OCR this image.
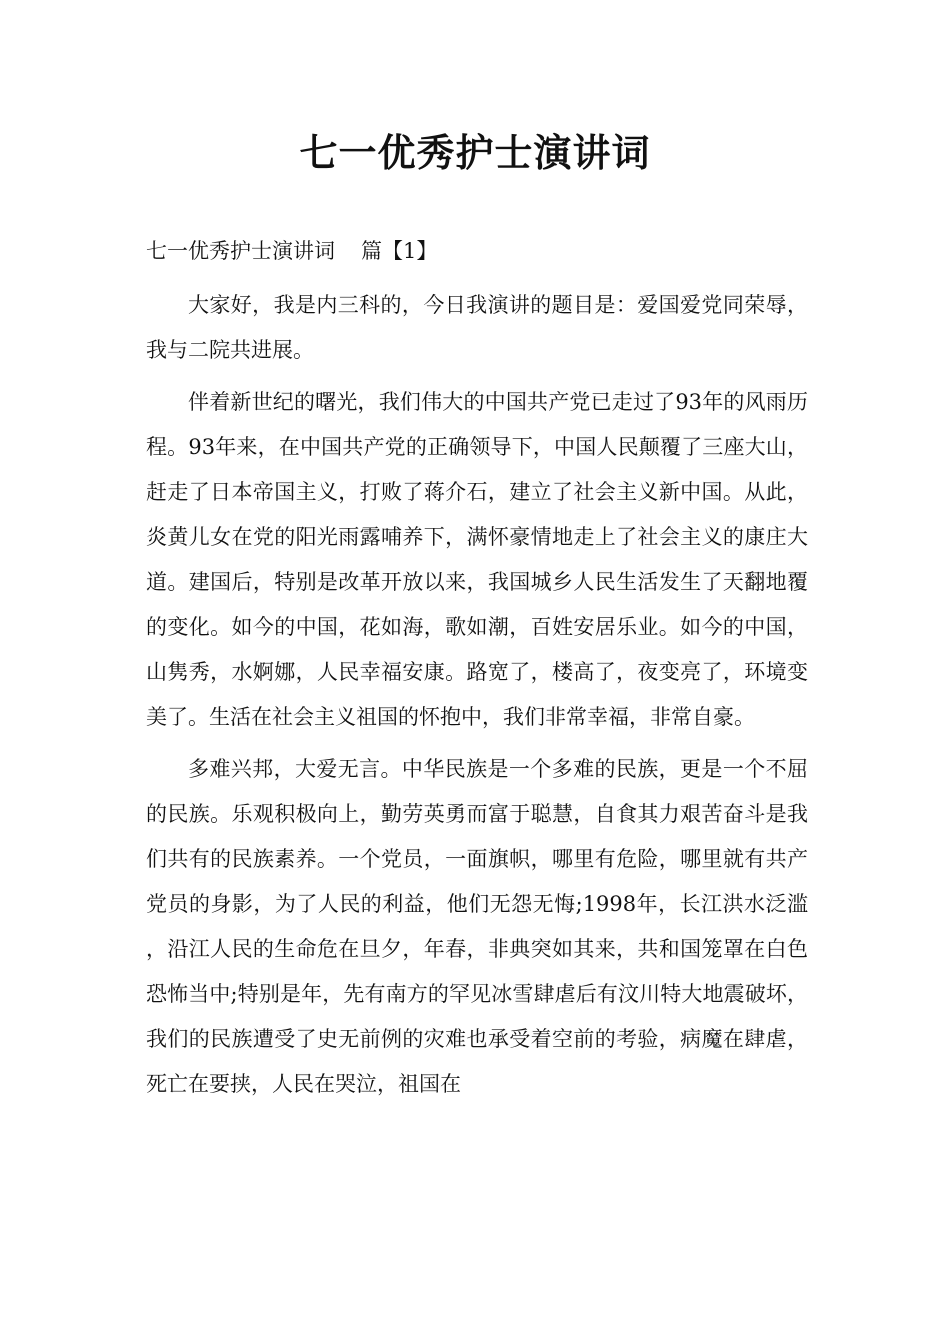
七一优秀护士演讲词

七一优秀护士演讲词 篇【1】

大家好，我是内三科的，今日我演讲的题目是：爱国爱党同荣辱，我与二院共进展。

伴着新世纪的曙光，我们伟大的中国共产党已走过了93年的风雨历程。93年来，在中国共产党的正确领导下，中国人民颠覆了三座大山，赶走了日本帝国主义，打败了蒋介石，建立了社会主义新中国。从此，炎黄儿女在党的阳光雨露哺养下，满怀豪情地走上了社会主义的康庄大道。建国后，特别是改革开放以来，我国城乡人民生活发生了天翻地覆的变化。如今的中国，花如海，歌如潮，百姓安居乐业。如今的中国，山隽秀，水婀娜，人民幸福安康。路宽了，楼高了，夜变亮了，环境变美了。生活在社会主义祖国的怀抱中，我们非常幸福，非常自豪。

多难兴邦，大爱无言。中华民族是一个多难的民族，更是一个不屈的民族。乐观积极向上，勤劳英勇而富于聪慧，自食其力艰苦奋斗是我们共有的民族素养。一个党员，一面旗帜，哪里有危险，哪里就有共产党员的身影，为了人民的利益，他们无怨无悔;1998年，长江洪水泛滥，沿江人民的生命危在旦夕，年春，非典突如其来，共和国笼罩在白色恐怖当中;特别是年，先有南方的罕见冰雪肆虐后有汶川特大地震破坏，我们的民族遭受了史无前例的灾难也承受着空前的考验，病魔在肆虐，死亡在要挟，人民在哭泣，祖国在
